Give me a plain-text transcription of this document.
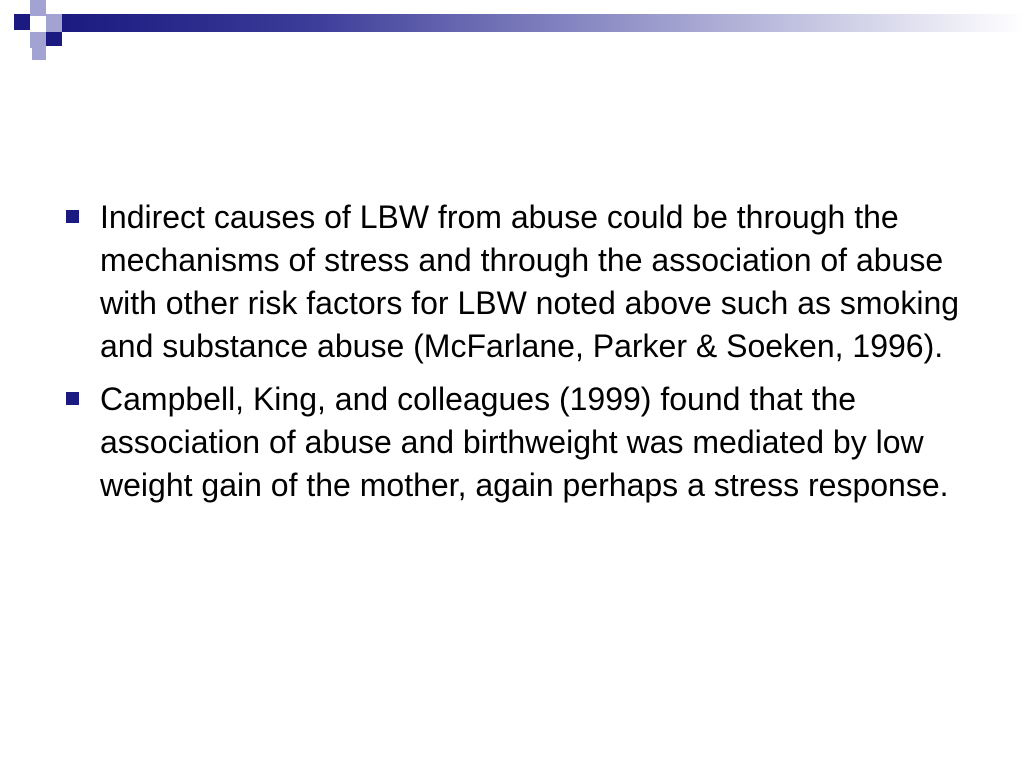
Indirect causes of LBW from abuse could be through the mechanisms of stress and through the association of abuse with other risk factors for LBW noted above such as smoking and substance abuse (McFarlane, Parker & Soeken, 1996).
Campbell, King, and colleagues (1999) found that the association of abuse and birthweight was mediated by low weight gain of the mother, again perhaps a stress response.
